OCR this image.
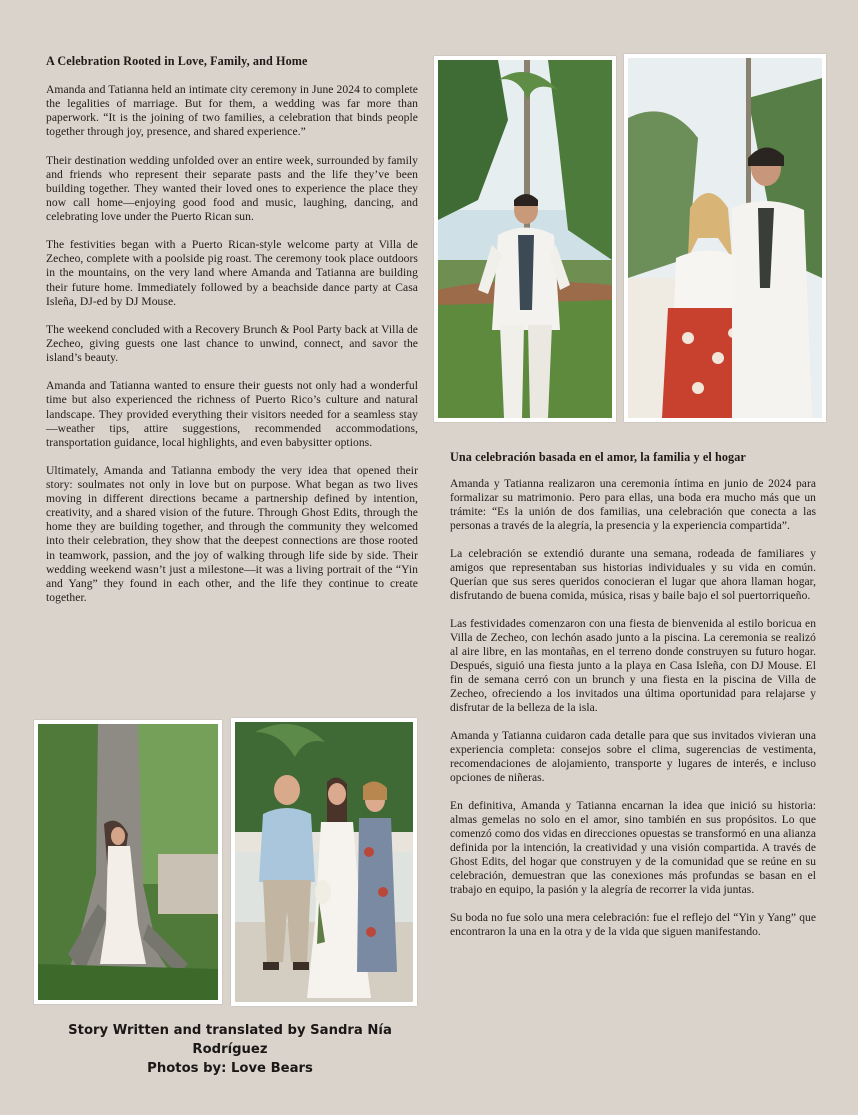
A Celebration Rooted in Love, Family, and Home

Amanda and Tatianna held an intimate city ceremony in June 2024 to complete the legalities of marriage. But for them, a wedding was far more than paperwork. “It is the joining of two families, a celebration that binds people together through joy, presence, and shared experience.”

Their destination wedding unfolded over an entire week, surrounded by family and friends who represent their separate pasts and the life they’ve been building together. They wanted their loved ones to experience the place they now call home—enjoying good food and music, laughing, dancing, and celebrating love under the Puerto Rican sun.

The festivities began with a Puerto Rican-style welcome party at Villa de Zecheo, complete with a poolside pig roast. The ceremony took place outdoors in the mountains, on the very land where Amanda and Tatianna are building their future home. Immediately followed by a beachside dance party at Casa Isleña, DJ-ed by DJ Mouse.

The weekend concluded with a Recovery Brunch & Pool Party back at Villa de Zecheo, giving guests one last chance to unwind, connect, and savor the island’s beauty.

Amanda and Tatianna wanted to ensure their guests not only had a wonderful time but also experienced the richness of Puerto Rico’s culture and natural landscape. They provided everything their visitors needed for a seamless stay—weather tips, attire suggestions, recommended accommodations, transportation guidance, local highlights, and even babysitter options.

Ultimately, Amanda and Tatianna embody the very idea that opened their story: soulmates not only in love but on purpose. What began as two lives moving in different directions became a partnership defined by intention, creativity, and a shared vision of the future. Through Ghost Edits, through the home they are building together, and through the community they welcomed into their celebration, they show that the deepest connections are those rooted in teamwork, passion, and the joy of walking through life side by side. Their wedding weekend wasn’t just a milestone—it was a living portrait of the “Yin and Yang” they found in each other, and the life they continue to create together.

Una celebración basada en el amor, la familia y el hogar

Amanda y Tatianna realizaron una ceremonia íntima en junio de 2024 para formalizar su matrimonio. Pero para ellas, una boda era mucho más que un trámite: “Es la unión de dos familias, una celebración que conecta a las personas a través de la alegría, la presencia y la experiencia compartida”.

La celebración se extendió durante una semana, rodeada de familiares y amigos que representaban sus historias individuales y su vida en común. Querían que sus seres queridos conocieran el lugar que ahora llaman hogar, disfrutando de buena comida, música, risas y baile bajo el sol puertorriqueño.

Las festividades comenzaron con una fiesta de bienvenida al estilo boricua en Villa de Zecheo, con lechón asado junto a la piscina. La ceremonia se realizó al aire libre, en las montañas, en el terreno donde construyen su futuro hogar. Después, siguió una fiesta junto a la playa en Casa Isleña, con DJ Mouse. El fin de semana cerró con un brunch y una fiesta en la piscina de Villa de Zecheo, ofreciendo a los invitados una última oportunidad para relajarse y disfrutar de la belleza de la isla.

Amanda y Tatianna cuidaron cada detalle para que sus invitados vivieran una experiencia completa: consejos sobre el clima, sugerencias de vestimenta, recomendaciones de alojamiento, transporte y lugares de interés, e incluso opciones de niñeras.

En definitiva, Amanda y Tatianna encarnan la idea que inició su historia: almas gemelas no solo en el amor, sino también en sus propósitos. Lo que comenzó como dos vidas en direcciones opuestas se transformó en una alianza definida por la intención, la creatividad y una visión compartida. A través de Ghost Edits, del hogar que construyen y de la comunidad que se reúne en su celebración, demuestran que las conexiones más profundas se basan en el trabajo en equipo, la pasión y la alegría de recorrer la vida juntas.

Su boda no fue solo una mera celebración: fue el reflejo del “Yin y Yang” que encontraron la una en la otra y de la vida que siguen manifestando.

Story Written and translated by Sandra Nía Rodríguez
Photos by: Love Bears
